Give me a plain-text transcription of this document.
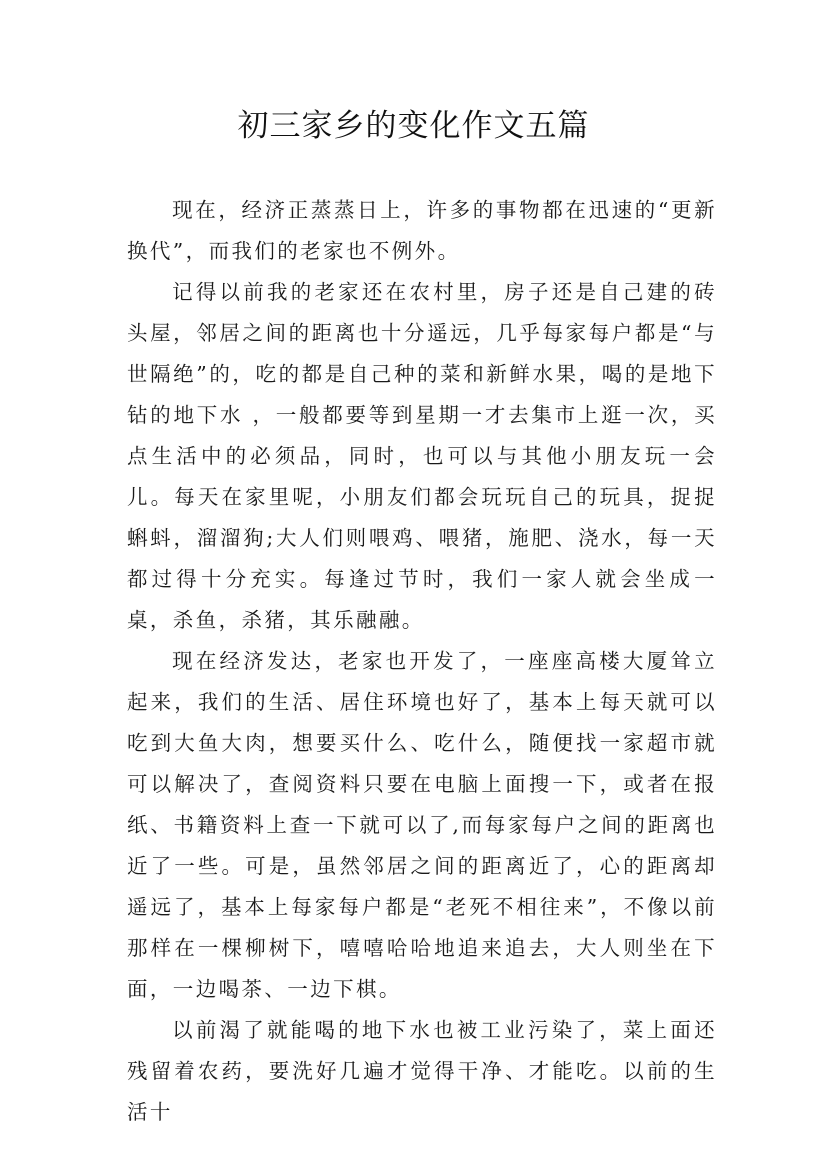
初三家乡的变化作文五篇

现在，经济正蒸蒸日上，许多的事物都在迅速的“更新换代”，而我们的老家也不例外。

记得以前我的老家还在农村里，房子还是自己建的砖头屋，邻居之间的距离也十分遥远，几乎每家每户都是“与世隔绝”的，吃的都是自己种的菜和新鲜水果，喝的是地下钻的地下水 ，一般都要等到星期一才去集市上逛一次，买点生活中的必须品，同时，也可以与其他小朋友玩一会儿。每天在家里呢，小朋友们都会玩玩自己的玩具，捉捉蝌蚪，溜溜狗;大人们则喂鸡、喂猪，施肥、浇水，每一天都过得十分充实。每逢过节时，我们一家人就会坐成一桌，杀鱼，杀猪，其乐融融。

现在经济发达，老家也开发了，一座座高楼大厦耸立起来，我们的生活、居住环境也好了，基本上每天就可以吃到大鱼大肉，想要买什么、吃什么，随便找一家超市就可以解决了，查阅资料只要在电脑上面搜一下，或者在报纸、书籍资料上查一下就可以了,而每家每户之间的距离也近了一些。可是，虽然邻居之间的距离近了，心的距离却遥远了，基本上每家每户都是“老死不相往来”，不像以前那样在一棵柳树下，嘻嘻哈哈地追来追去，大人则坐在下面，一边喝茶、一边下棋。

以前渴了就能喝的地下水也被工业污染了，菜上面还残留着农药，要洗好几遍才觉得干净、才能吃。以前的生活十
